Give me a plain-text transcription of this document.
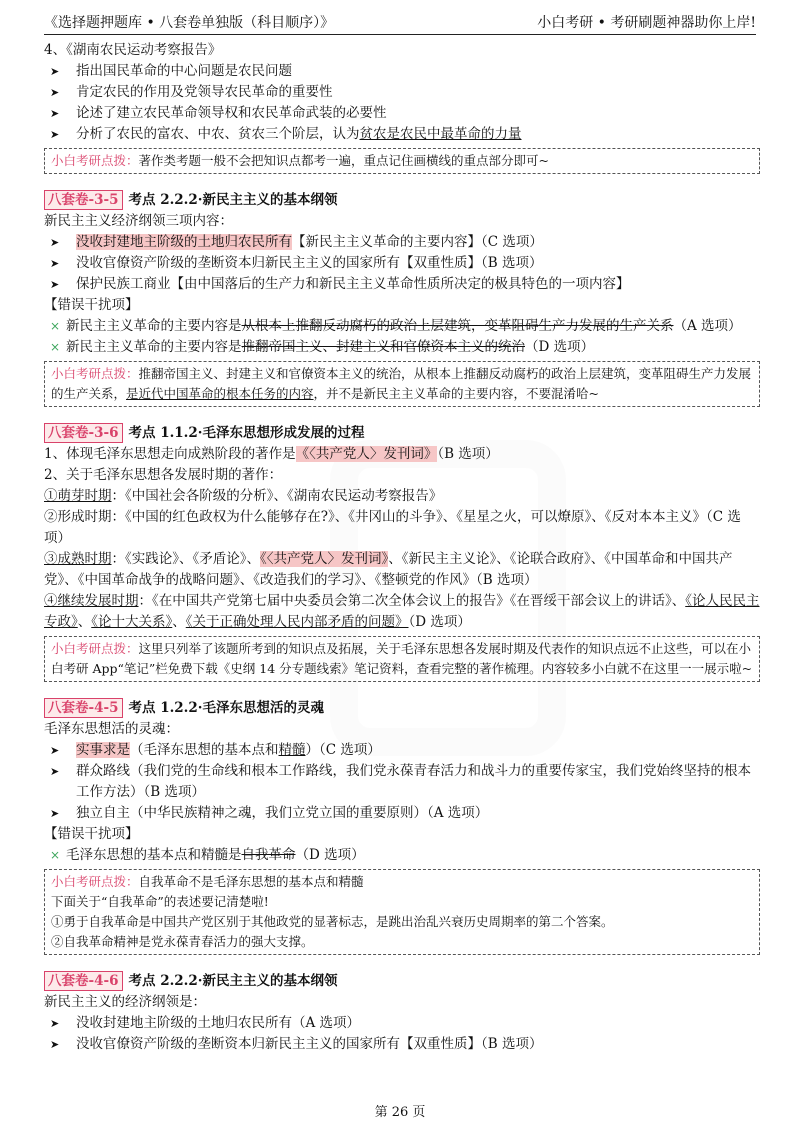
《选择题押题库 • 八套卷单独版（科目顺序）》	小白考研 • 考研刷题神器助你上岸!
4、《湖南农民运动考察报告》
➤ 指出国民革命的中心问题是农民问题
➤ 肯定农民的作用及党领导农民革命的重要性
➤ 论述了建立农民革命领导权和农民革命武装的必要性
➤ 分析了农民的富农、中农、贫农三个阶层，认为贫农是农民中最革命的力量
小白考研点拨：著作类考题一般不会把知识点都考一遍，重点记住画横线的重点部分即可~
八套卷-3-5 考点 2.2.2·新民主主义的基本纲领
新民主主义经济纲领三项内容：
➤ 没收封建地主阶级的土地归农民所有【新民主主义革命的主要内容】（C 选项）
➤ 没收官僚资产阶级的垄断资本归新民主主义的国家所有【双重性质】（B 选项）
➤ 保护民族工商业【由中国落后的生产力和新民主主义革命性质所决定的极具特色的一项内容】
【错误干扰项】
× 新民主主义革命的主要内容是从根本上推翻反动腐朽的政治上层建筑，变革阻碍生产力发展的生产关系（A 选项）
× 新民主主义革命的主要内容是推翻帝国主义、封建主义和官僚资本主义的统治（D 选项）
小白考研点拨：推翻帝国主义、封建主义和官僚资本主义的统治，从根本上推翻反动腐朽的政治上层建筑，变革阻碍生产力发展的生产关系，是近代中国革命的根本任务的内容，并不是新民主主义革命的主要内容，不要混淆哈~
八套卷-3-6 考点 1.1.2·毛泽东思想形成发展的过程
1、体现毛泽东思想走向成熟阶段的著作是《〈共产党人〉发刊词》（B 选项）
2、关于毛泽东思想各发展时期的著作：
①萌芽时期：《中国社会各阶级的分析》、《湖南农民运动考察报告》
②形成时期：《中国的红色政权为什么能够存在?》、《井冈山的斗争》、《星星之火，可以燎原》、《反对本本主义》（C 选项）
③成熟时期：《实践论》、《矛盾论》、《〈共产党人〉发刊词》、《新民主主义论》、《论联合政府》、《中国革命和中国共产党》、《中国革命战争的战略问题》、《改造我们的学习》、《整顿党的作风》（B 选项）
④继续发展时期：《在中国共产党第七届中央委员会第二次全体会议上的报告》《在晋绥干部会议上的讲话》、《论人民民主专政》、《论十大关系》、《关于正确处理人民内部矛盾的问题》（D 选项）
小白考研点拨：这里只列举了该题所考到的知识点及拓展，关于毛泽东思想各发展时期及代表作的知识点远不止这些，可以在小白考研 App“笔记”栏免费下载《史纲 14 分专题线索》笔记资料，查看完整的著作梳理。内容较多小白就不在这里一一展示啦~
八套卷-4-5 考点 1.2.2·毛泽东思想活的灵魂
毛泽东思想活的灵魂：
➤ 实事求是（毛泽东思想的基本点和精髓）（C 选项）
➤	群众路线（我们党的生命线和根本工作路线，我们党永葆青春活力和战斗力的重要传家宝，我们党始终坚持的根本工作方法）（B 选项）
➤ 独立自主（中华民族精神之魂，我们立党立国的重要原则）（A 选项）
【错误干扰项】
× 毛泽东思想的基本点和精髓是自我革命（D 选项）
小白考研点拨：自我革命不是毛泽东思想的基本点和精髓
下面关于“自我革命”的表述要记清楚啦!
①勇于自我革命是中国共产党区别于其他政党的显著标志，是跳出治乱兴衰历史周期率的第二个答案。
②自我革命精神是党永葆青春活力的强大支撑。
八套卷-4-6 考点 2.2.2·新民主主义的基本纲领
新民主主义的经济纲领是：
➤ 没收封建地主阶级的土地归农民所有（A 选项）
➤ 没收官僚资产阶级的垄断资本归新民主主义的国家所有【双重性质】（B 选项）
第 26 页
